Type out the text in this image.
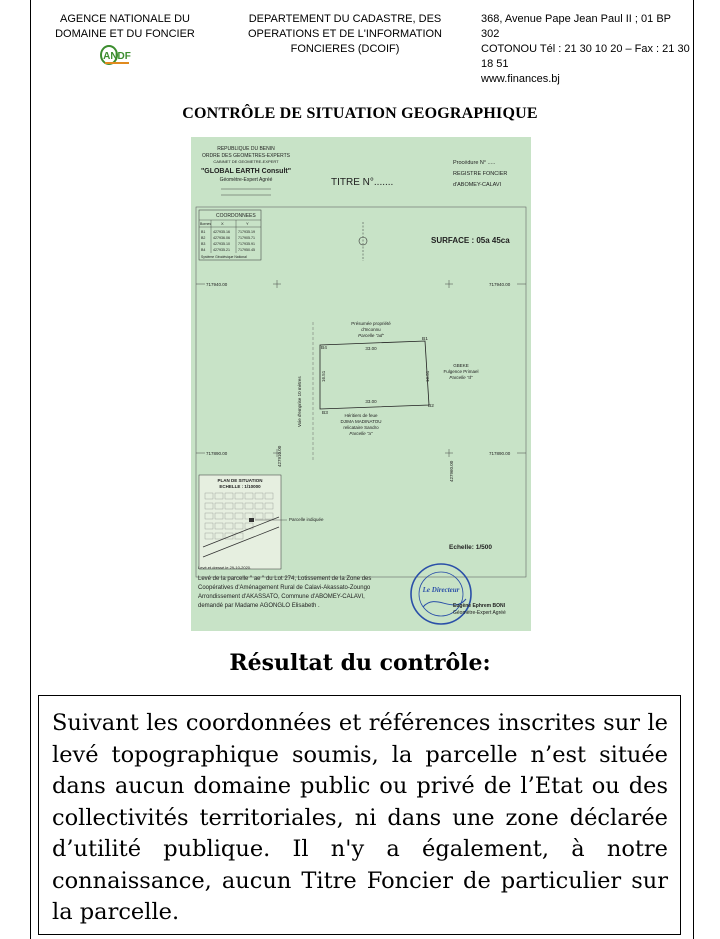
AGENCE NATIONALE DU DOMAINE ET DU FONCIER
ANDF
DEPARTEMENT DU CADASTRE, DES OPERATIONS ET DE L'INFORMATION FONCIERES (DCOIF)
368, Avenue Pape Jean Paul II ; 01 BP 302
COTONOU Tél : 21 30 10 20 – Fax : 21 30 18 51
www.finances.bj
CONTRÔLE DE SITUATION GEOGRAPHIQUE
REPUBLIQUE DU BENIN
ORDRE DES GEOMETRES-EXPERTS
CABINET DE GEOMETRE-EXPERT
"GLOBAL EARTH Consult"
Géomètre-Expert Agréé	TITRE N°.......
Procédure N° .....
REGISTRE FONCIER
d'ABOMEY-CALAVI
COORDONNEES
Bornes X	Y
B1 427935.16 717935.19
B2 427936.06 717905.71
B3 427935.10 717935.91
B4 427935.21 717950.45
Système Géodésique National
SURFACE : 05a 45ca
717940.00	717940.00
717890.00	717890.00
427910.00
427960.00
Présumée propriété
d'Inconnu
Parcelle "ad"
GBEKE
Fulgence Primael
Parcelle "d"
Héritiers de feue
DJIMA MADINATOU
relicataire Sandro
Parcelle "a"
Voie d'emprise 10 mètres
33.00
33.00
16.51	16.51
B1
B2
B3
B4
PLAN DE SITUATION
ECHELLE : 1/10000
Parcelle indiquée
Echelle: 1/500
Levé et dressé le 29-10-2020.
Levé de la parcelle " ae " du Lot 274, Lotissement de la Zone des
Coopératives d'Aménagement Rural de Calavi-Akassato-Zoungo
Arrondissement d'AKASSATO, Commune d'ABOMEY-CALAVI,
demandé par Madame AGONGLO Elisabeth .
Le Directeur
Eugène Ephrem BONI
Géomètre-Expert Agréé
Résultat du contrôle:
Suivant les coordonnées et références inscrites sur le levé topographique soumis, la parcelle n’est située dans aucun domaine public ou privé de l’Etat ou des collectivités territoriales, ni dans une zone déclarée d’utilité publique. Il n'y a également, à notre connaissance, aucun Titre Foncier de particulier sur la parcelle.
